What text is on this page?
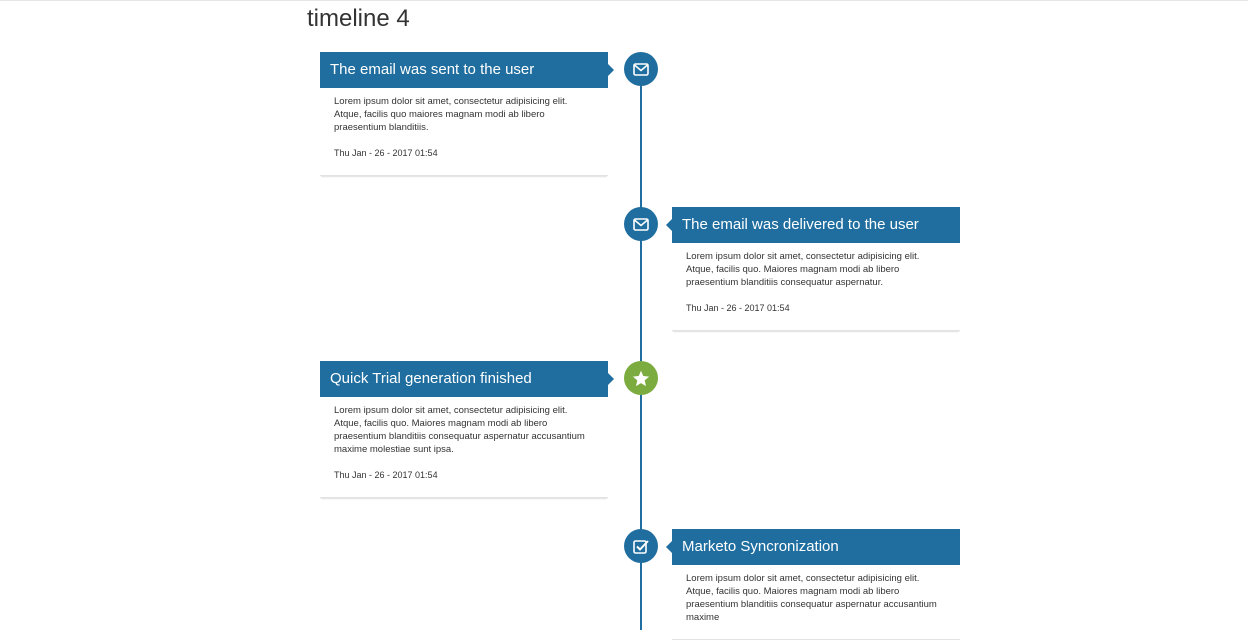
timeline 4
The email was sent to the user

Lorem ipsum dolor sit amet, consectetur adipisicing elit. Atque, facilis quo maiores magnam modi ab libero praesentium blanditiis.

Thu Jan - 26 - 2017 01:54

The email was delivered to the user

Lorem ipsum dolor sit amet, consectetur adipisicing elit. Atque, facilis quo. Maiores magnam modi ab libero praesentium blanditiis consequatur aspernatur.

Thu Jan - 26 - 2017 01:54

Quick Trial generation finished

Lorem ipsum dolor sit amet, consectetur adipisicing elit. Atque, facilis quo. Maiores magnam modi ab libero praesentium blanditiis consequatur aspernatur accusantium maxime molestiae sunt ipsa.

Thu Jan - 26 - 2017 01:54

Marketo Syncronization

Lorem ipsum dolor sit amet, consectetur adipisicing elit. Atque, facilis quo. Maiores magnam modi ab libero praesentium blanditiis consequatur aspernatur accusantium maxime
